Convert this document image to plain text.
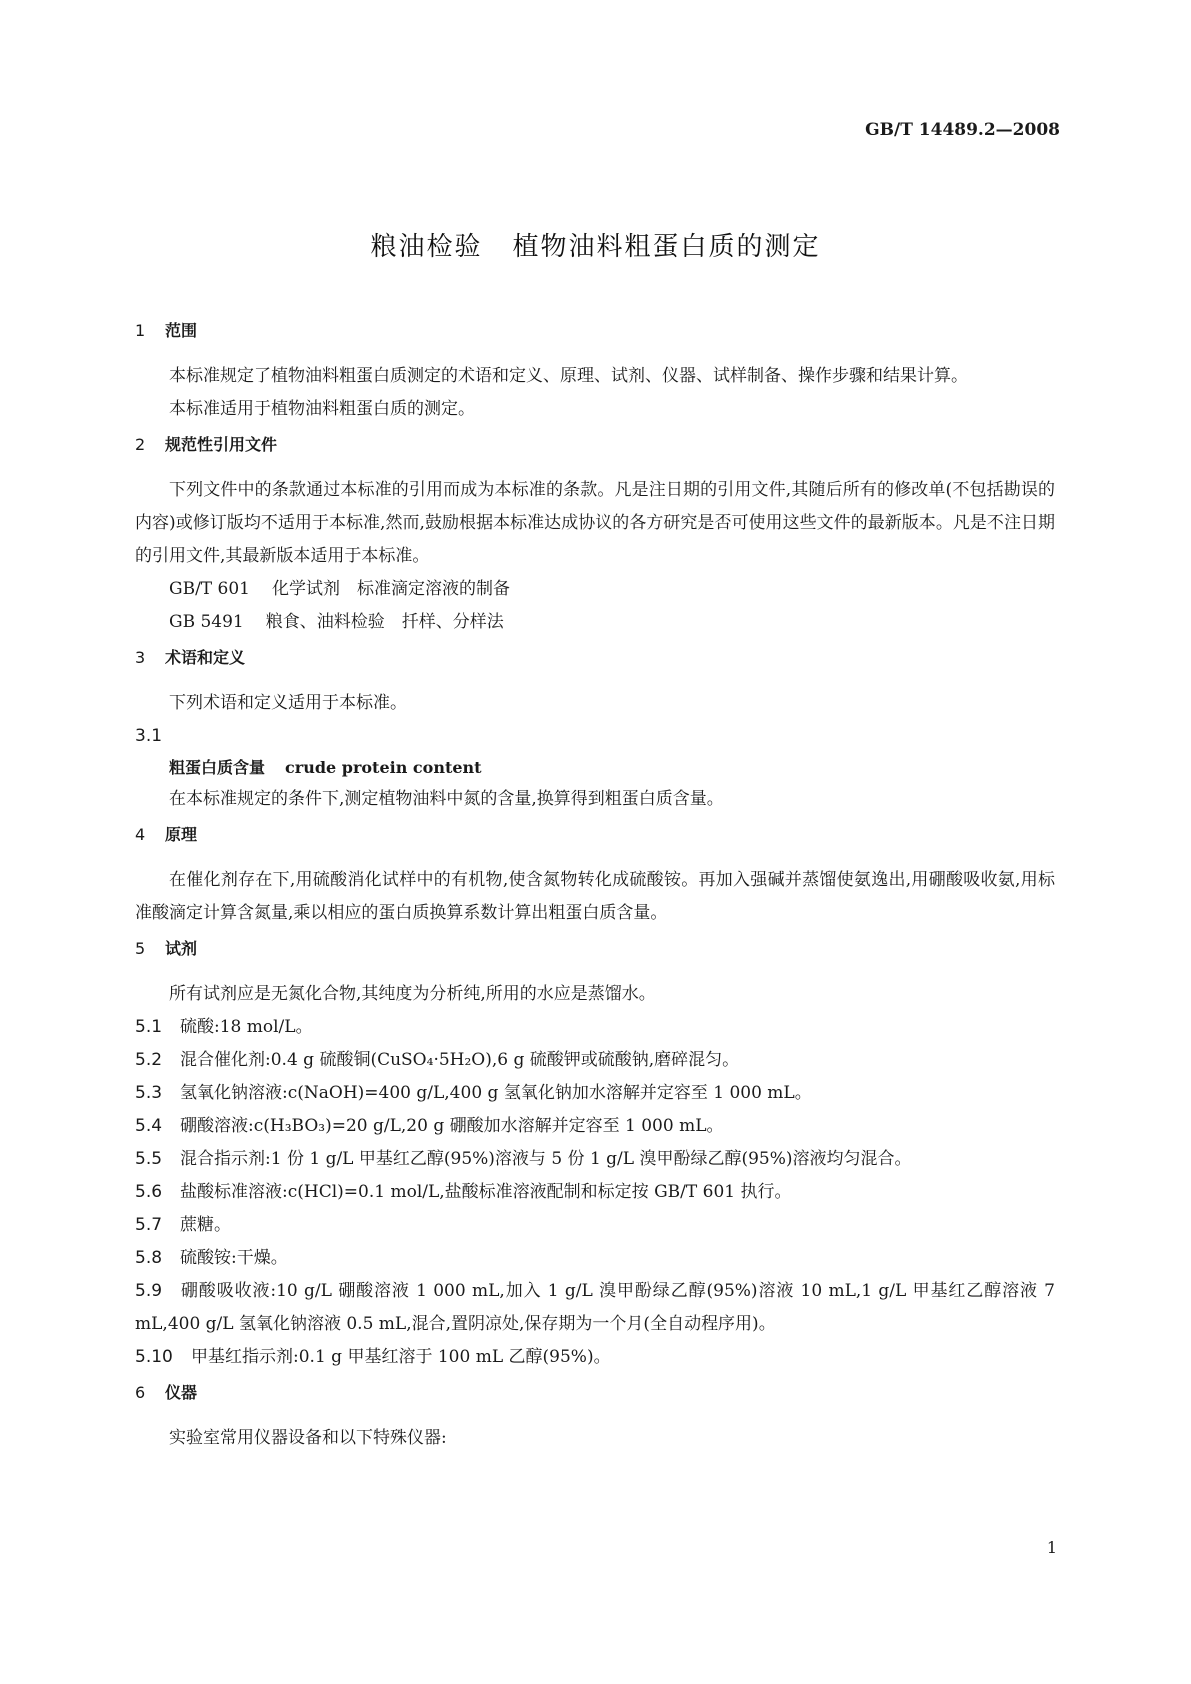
GB/T 14489.2—2008
粮油检验 植物油料粗蛋白质的测定
1 范围

本标准规定了植物油料粗蛋白质测定的术语和定义、原理、试剂、仪器、试样制备、操作步骤和结果计算。

本标准适用于植物油料粗蛋白质的测定。

2 规范性引用文件

下列文件中的条款通过本标准的引用而成为本标准的条款。凡是注日期的引用文件,其随后所有的修改单(不包括勘误的内容)或修订版均不适用于本标准,然而,鼓励根据本标准达成协议的各方研究是否可使用这些文件的最新版本。凡是不注日期的引用文件,其最新版本适用于本标准。

GB/T 601 化学试剂　标准滴定溶液的制备
GB 5491 粮食、油料检验　扦样、分样法
3 术语和定义

下列术语和定义适用于本标准。

3.1
粗蛋白质含量 crude protein content

在本标准规定的条件下,测定植物油料中氮的含量,换算得到粗蛋白质含量。

4 原理

在催化剂存在下,用硫酸消化试样中的有机物,使含氮物转化成硫酸铵。再加入强碱并蒸馏使氨逸出,用硼酸吸收氨,用标准酸滴定计算含氮量,乘以相应的蛋白质换算系数计算出粗蛋白质含量。

5 试剂

所有试剂应是无氮化合物,其纯度为分析纯,所用的水应是蒸馏水。

5.1 硫酸:18 mol/L。

5.2 混合催化剂:0.4 g 硫酸铜(CuSO₄·5H₂O),6 g 硫酸钾或硫酸钠,磨碎混匀。

5.3 氢氧化钠溶液:c(NaOH)=400 g/L,400 g 氢氧化钠加水溶解并定容至 1 000 mL。

5.4 硼酸溶液:c(H₃BO₃)=20 g/L,20 g 硼酸加水溶解并定容至 1 000 mL。

5.5 混合指示剂:1 份 1 g/L 甲基红乙醇(95%)溶液与 5 份 1 g/L 溴甲酚绿乙醇(95%)溶液均匀混合。

5.6 盐酸标准溶液:c(HCl)=0.1 mol/L,盐酸标准溶液配制和标定按 GB/T 601 执行。

5.7 蔗糖。

5.8 硫酸铵:干燥。

5.9 硼酸吸收液:10 g/L 硼酸溶液 1 000 mL,加入 1 g/L 溴甲酚绿乙醇(95%)溶液 10 mL,1 g/L 甲基红乙醇溶液 7 mL,400 g/L 氢氧化钠溶液 0.5 mL,混合,置阴凉处,保存期为一个月(全自动程序用)。

5.10 甲基红指示剂:0.1 g 甲基红溶于 100 mL 乙醇(95%)。

6 仪器

实验室常用仪器设备和以下特殊仪器:

1
